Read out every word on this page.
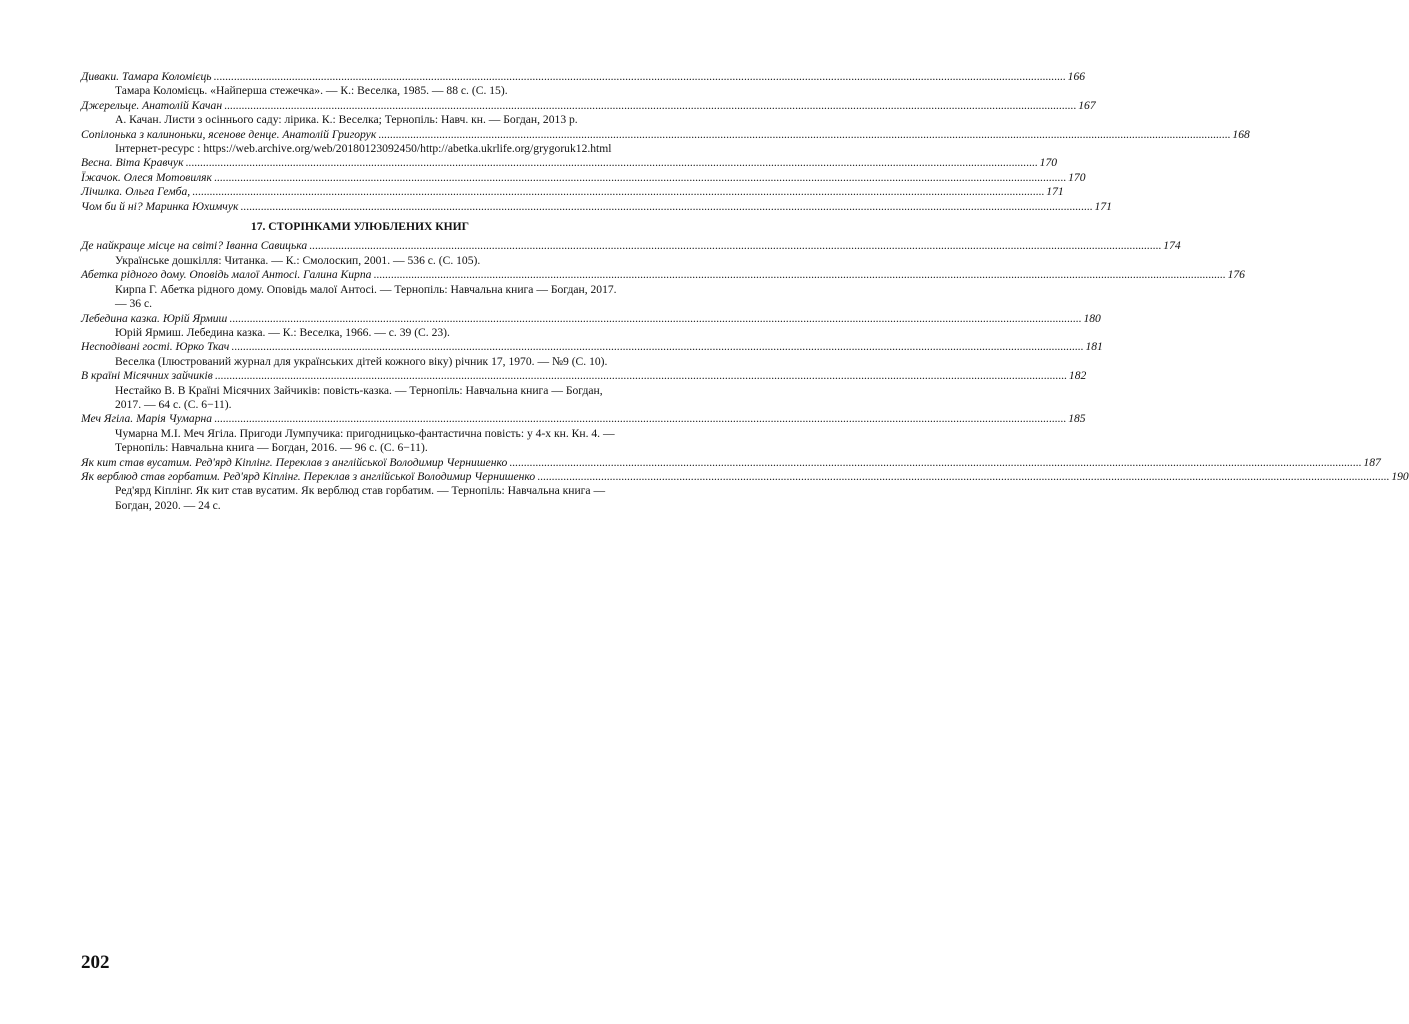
Диваки. Тамара Коломієць .....	166
Тамара Коломієць. «Найперша стежечка». — К.: Веселка, 1985. — 88 с. (С. 15).
Джерельце. Анатолій Качан .....	167
А. Качан. Листи з осіннього саду: лірика. К.: Веселка; Тернопіль: Навч. кн. — Богдан, 2013 р.
Сопілонька з калиноньки, ясенове денце. Анатолій Григорук .....	168
Інтернет-ресурс : https://web.archive.org/web/20180123092450/http://abetka.ukrlife.org/grygoruk12.html
Весна. Віта Кравчук .....	170
Їжачок. Олеся Мотовиляк .....	170
Лічилка. Ольга Гемба, .....	171
Чом би й ні? Маринка Юхимчук .....	171
17. СТОРІНКАМИ УЛЮБЛЕНИХ КНИГ
Де найкраще місце на світі? Іванна Савицька .....	174
Українське дошкілля: Читанка. — К.: Смолоскип, 2001. — 536 с. (С. 105).
Абетка рідного дому. Оповідь малої Антосі. Галина Кирпа .....	176
Кирпа Г. Абетка рідного дому. Оповідь малої Антосі. — Тернопіль: Навчальна книга — Богдан, 2017. — 36 с.
Лебедина казка. Юрій Ярмиш .....	180
Юрій Ярмиш. Лебедина казка. — К.: Веселка, 1966. — с. 39 (С. 23).
Несподівані гості. Юрко Ткач .....	181
Веселка (Ілюстрований журнал для українських дітей кожного віку) річник 17, 1970. — №9 (С. 10).
В країні Місячних зайчиків .....	182
Нестайко В. В Країні Місячних Зайчиків: повість-казка. — Тернопіль: Навчальна книга — Богдан, 2017. — 64 с. (С. 6−11).
Меч Ягіла. Марія Чумарна .....	185
Чумарна М.І. Меч Ягіла. Пригоди Лумпучика: пригодницько-фантастична повість: у 4-х кн. Кн. 4. — Тернопіль: Навчальна книга — Богдан, 2016. — 96 с. (С. 6−11).
Як кит став вусатим. Ред'ярд Кіплінг. Переклав з англійської Володимир Чернишенко .....	187
Як верблюд став горбатим. Ред'ярд Кіплінг. Переклав з англійської Володимир Чернишенко .....	190
Ред'ярд Кіплінг. Як кит став вусатим. Як верблюд став горбатим. — Тернопіль: Навчальна книга — Богдан, 2020. — 24 с.
202
